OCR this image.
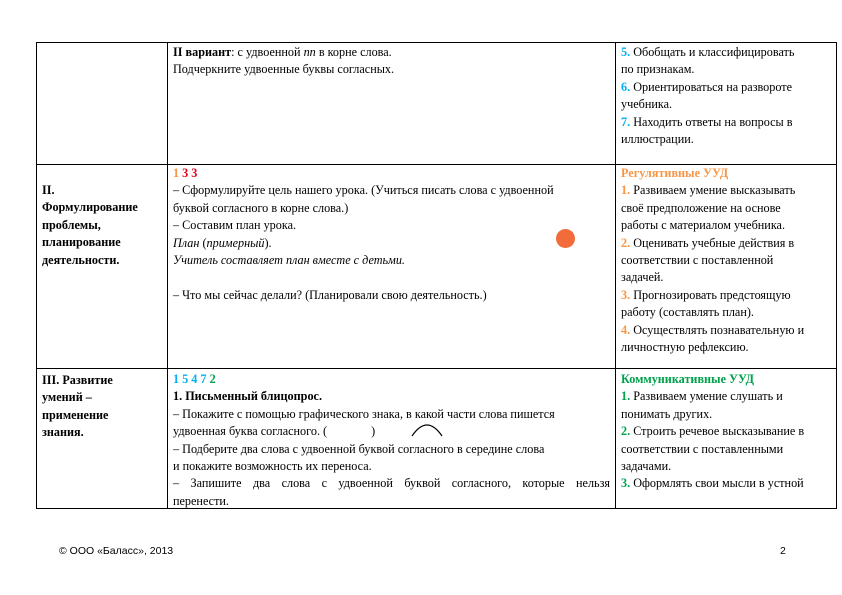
II вариант: с удвоенной пп в корне слова.
Подчеркните удвоенные буквы согласных.
5. Обобщать и классифицировать
по признакам.
6. Ориентироваться на развороте
учебника.
7. Находить ответы на вопросы в
иллюстрации.
II.
Формулирование
проблемы,
планирование
деятельности.
1 3 3
– Сформулируйте цель нашего урока. (Учиться писать слова с удвоенной
буквой согласного в корне слова.)
– Составим план урока.
План (примерный).
Учитель составляет план вместе с детьми.

– Что мы сейчас делали? (Планировали свою деятельность.)
Регулятивные УУД
1. Развиваем умение высказывать
своё предположение на основе
работы с материалом учебника.
2. Оценивать учебные действия в
соответствии с поставленной
задачей.
3. Прогнозировать предстоящую
работу (составлять план).
4. Осуществлять познавательную и
личностную рефлексию.
III. Развитие
умений –
применение
знания.
1 5 4 7 2
1. Письменный блицопрос.
– Покажите с помощью графического знака, в какой части слова пишется
удвоенная буква согласного. (	)
– Подберите два слова с удвоенной буквой согласного в середине слова
и покажите возможность их переноса.
– Запишите два слова с удвоенной буквой согласного, которые нельзя
перенести.
Коммуникативные УУД
1. Развиваем умение слушать и
понимать других.
2. Строить речевое высказывание в
соответствии с поставленными
задачами.
3. Оформлять свои мысли в устной
© ООО «Баласс», 2013	2
